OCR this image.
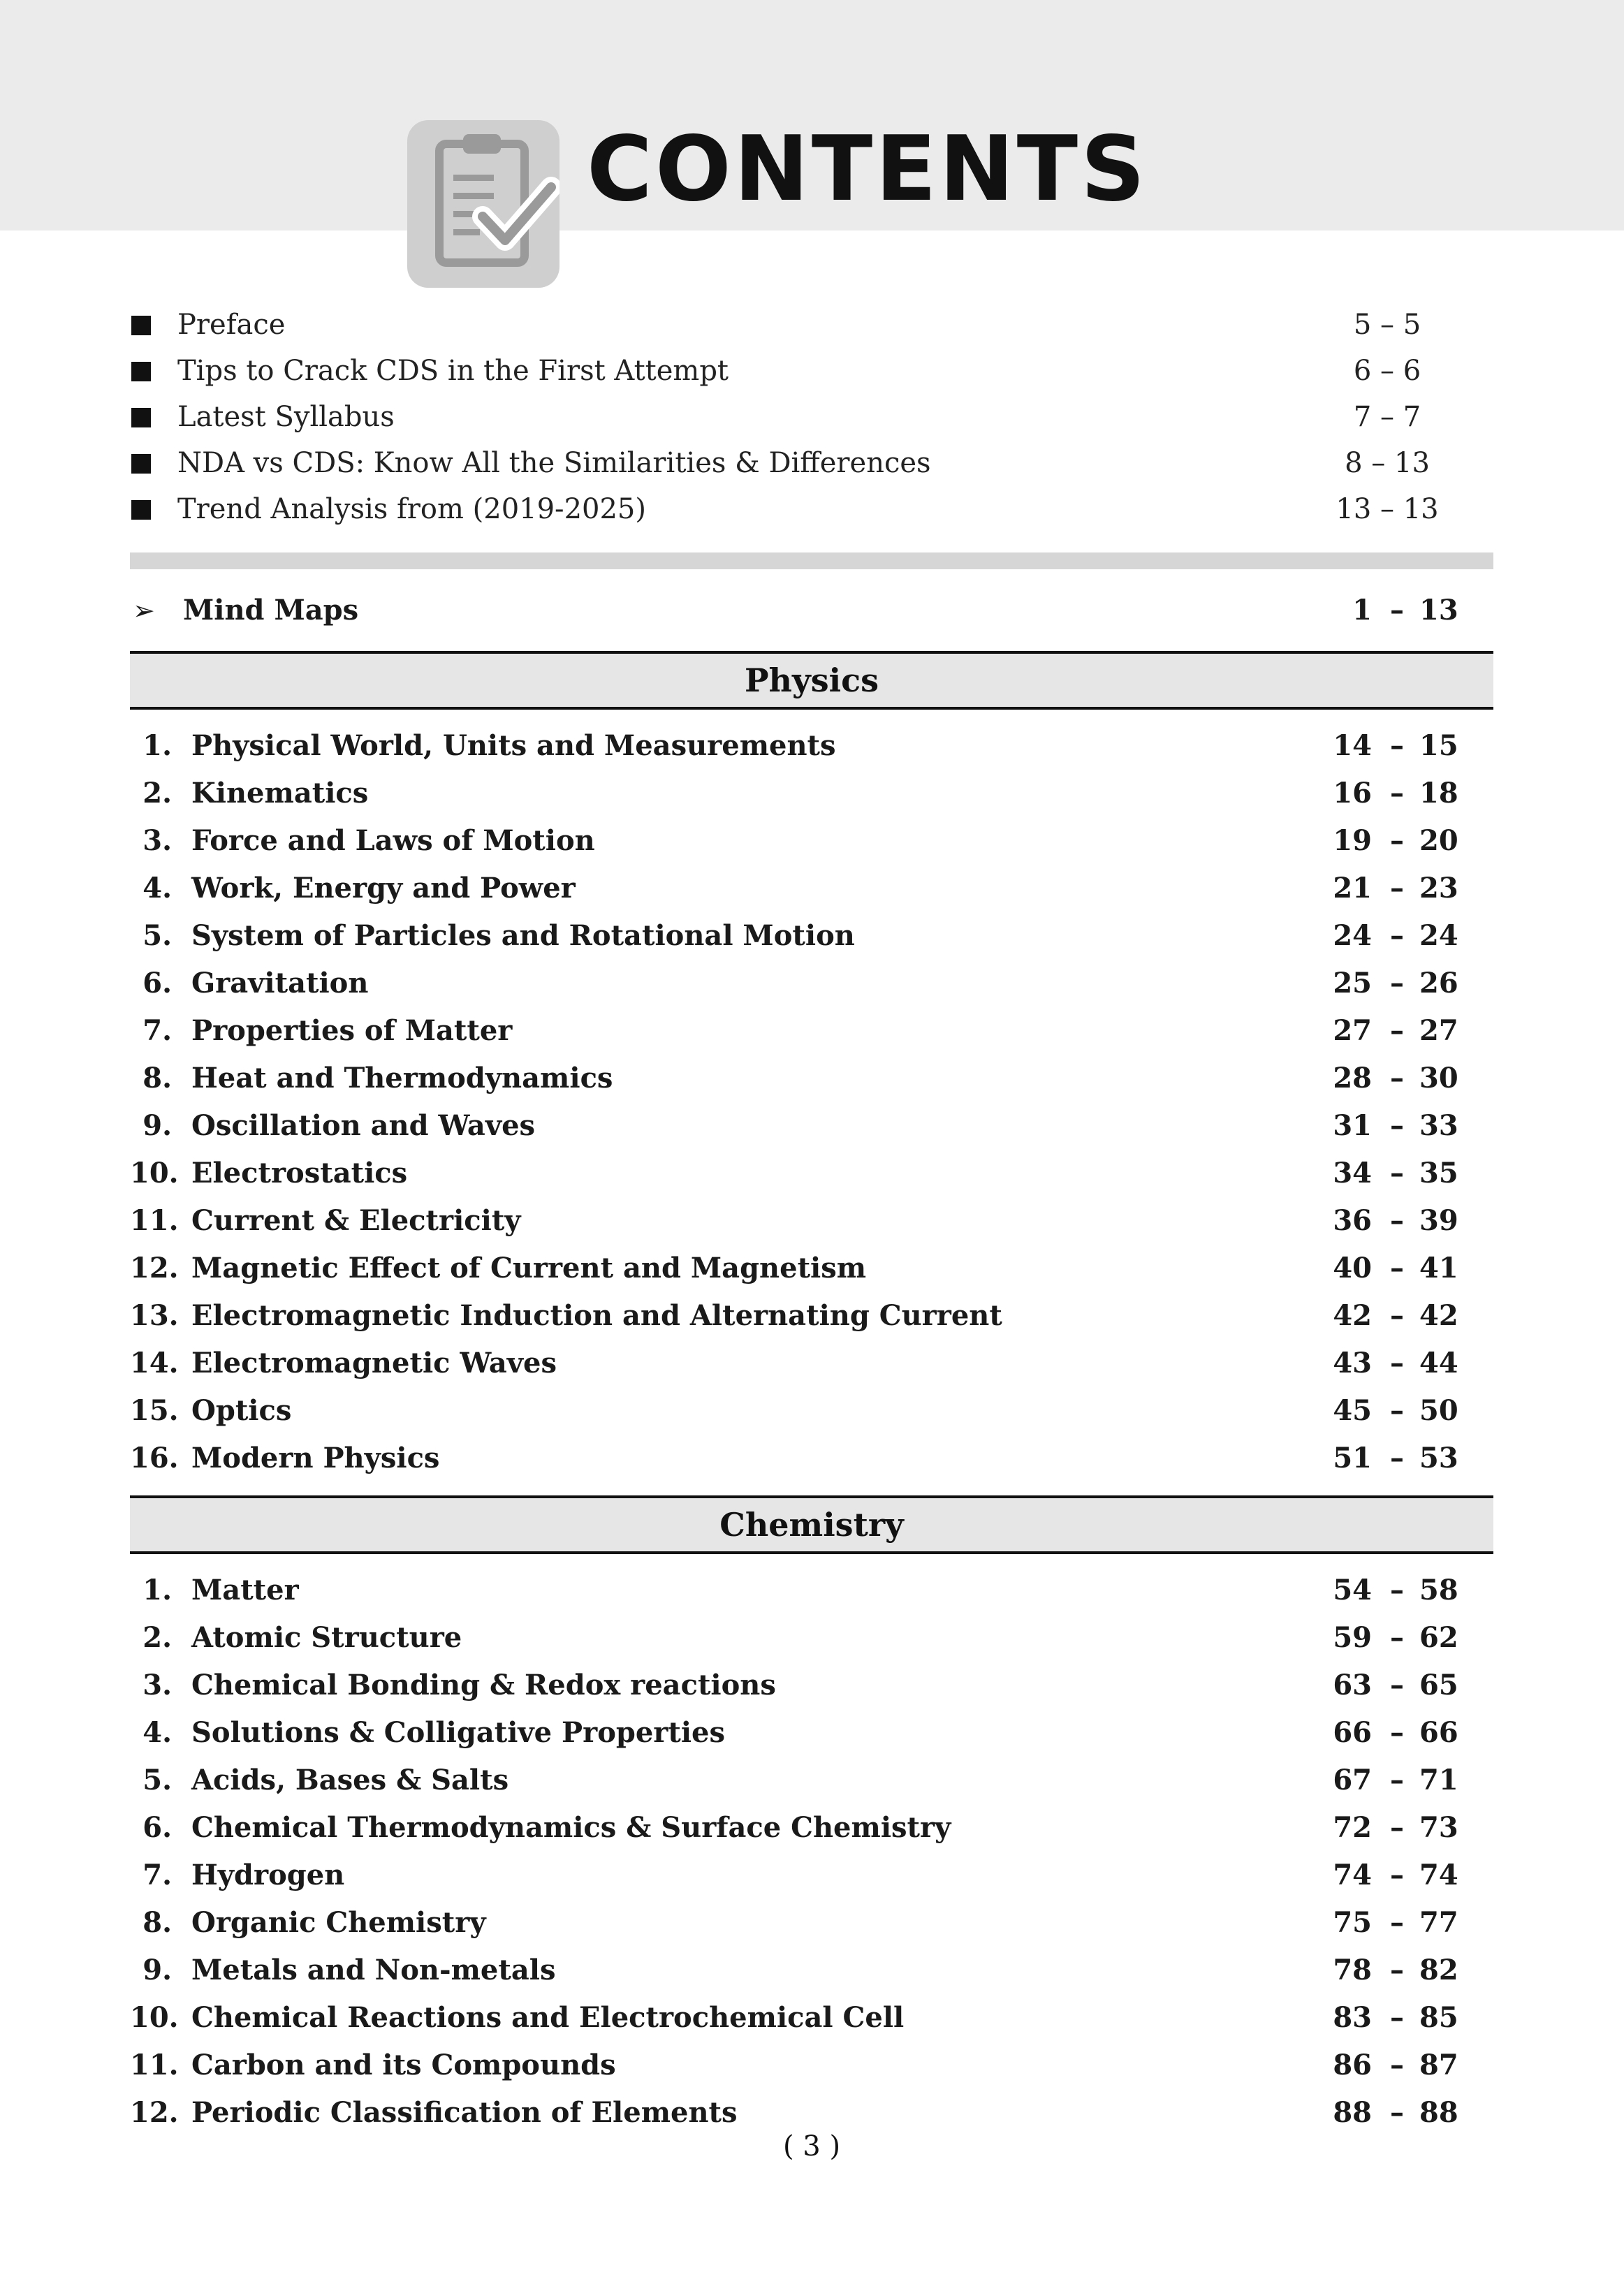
CONTENTS
Preface	5 – 5
Tips to Crack CDS in the First Attempt	6 – 6
Latest Syllabus	7 – 7
NDA vs CDS: Know All the Similarities & Differences	8 – 13
Trend Analysis from (2019-2025)	13 – 13
➢ Mind Maps	1 – 13
Physics
1. Physical World, Units and Measurements	14 – 15
2. Kinematics	16 – 18
3. Force and Laws of Motion	19 – 20
4. Work, Energy and Power	21 – 23
5. System of Particles and Rotational Motion	24 – 24
6. Gravitation	25 – 26
7. Properties of Matter	27 – 27
8. Heat and Thermodynamics	28 – 30
9. Oscillation and Waves	31 – 33
10. Electrostatics	34 – 35
11. Current & Electricity	36 – 39
12. Magnetic Effect of Current and Magnetism	40 – 41
13. Electromagnetic Induction and Alternating Current	42 – 42
14. Electromagnetic Waves	43 – 44
15. Optics	45 – 50
16. Modern Physics	51 – 53
Chemistry
1. Matter	54 – 58
2. Atomic Structure	59 – 62
3. Chemical Bonding & Redox reactions	63 – 65
4. Solutions & Colligative Properties	66 – 66
5. Acids, Bases & Salts	67 – 71
6. Chemical Thermodynamics & Surface Chemistry	72 – 73
7. Hydrogen	74 – 74
8. Organic Chemistry	75 – 77
9. Metals and Non-metals	78 – 82
10. Chemical Reactions and Electrochemical Cell	83 – 85
11. Carbon and its Compounds	86 – 87
12. Periodic Classification of Elements	88 – 88
( 3 )
